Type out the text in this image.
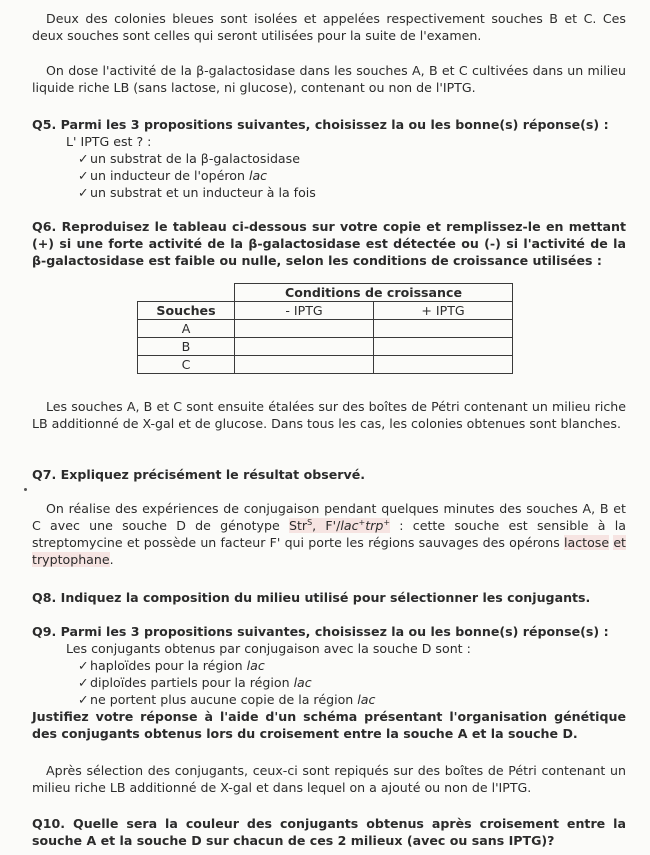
Deux des colonies bleues sont isolées et appelées respectivement souches B et C. Ces deux souches sont celles qui seront utilisées pour la suite de l'examen.

On dose l'activité de la β-galactosidase dans les souches A, B et C cultivées dans un milieu liquide riche LB (sans lactose, ni glucose), contenant ou non de l'IPTG.

Q5. Parmi les 3 propositions suivantes, choisissez la ou les bonne(s) réponse(s) :

L' IPTG est ? :

✓un substrat de la β-galactosidase

✓un inducteur de l'opéron lac

✓un substrat et un inducteur à la fois

Q6. Reproduisez le tableau ci-dessous sur votre copie et remplissez-le en mettant (+) si une forte activité de la β-galactosidase est détectée ou (-) si l'activité de la β-galactosidase est faible ou nulle, selon les conditions de croissance utilisées :

	Conditions de croissance	
Souches	- IPTG	+ IPTG
A		
B		
C		

Les souches A, B et C sont ensuite étalées sur des boîtes de Pétri contenant un milieu riche LB additionné de X-gal et de glucose. Dans tous les cas, les colonies obtenues sont blanches.

Q7. Expliquez précisément le résultat observé.

On réalise des expériences de conjugaison pendant quelques minutes des souches A, B et C avec une souche D de génotype Str$^S$, F'/lac+trp+ : cette souche est sensible à la streptomycine et possède un facteur F' qui porte les régions sauvages des opérons lactose et tryptophane.

Q8. Indiquez la composition du milieu utilisé pour sélectionner les conjugants.

Q9. Parmi les 3 propositions suivantes, choisissez la ou les bonne(s) réponse(s) :

Les conjugants obtenus par conjugaison avec la souche D sont :

✓haploïdes pour la région lac

✓diploïdes partiels pour la région lac

✓ne portent plus aucune copie de la région lac

Justifiez votre réponse à l'aide d'un schéma présentant l'organisation génétique des conjugants obtenus lors du croisement entre la souche A et la souche D.

Après sélection des conjugants, ceux-ci sont repiqués sur des boîtes de Pétri contenant un milieu riche LB additionné de X-gal et dans lequel on a ajouté ou non de l'IPTG.

Q10. Quelle sera la couleur des conjugants obtenus après croisement entre la souche A et la souche D sur chacun de ces 2 milieux (avec ou sans IPTG)?
